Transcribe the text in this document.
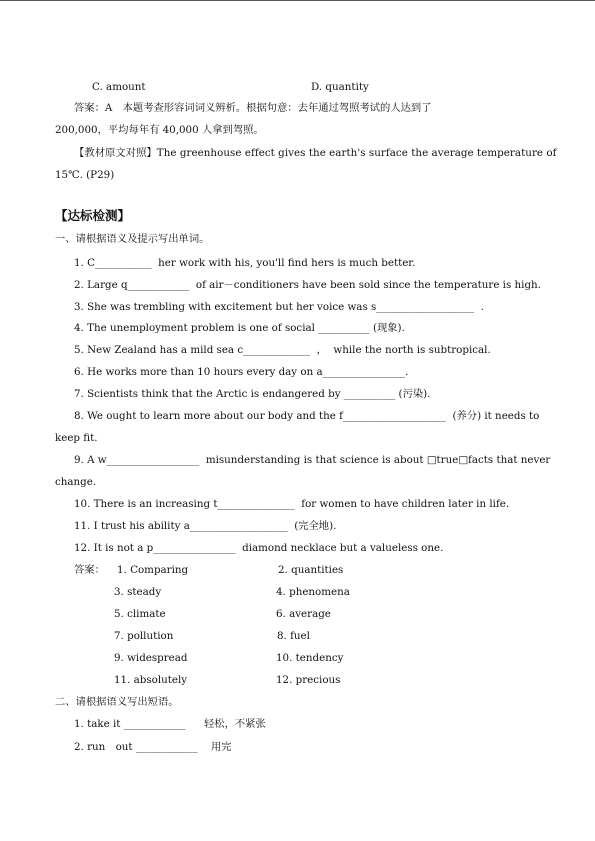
C. amount	D. quantity
答案：A　本题考查形容词词义辨析。根据句意：去年通过驾照考试的人达到了
200,000，平均每年有 40,000 人拿到驾照。
【教材原文对照】The greenhouse effect gives the earth's surface the average temperature of
15℃. (P29)
【达标检测】
一、请根据语义及提示写出单词。
1. C___________  her work with his, you'll find hers is much better.
2. Large q____________  of air－conditioners have been sold since the temperature is high.
3. She was trembling with excitement but her voice was s___________________  .
4. The unemployment problem is one of social __________ (现象).
5. New Zealand has a mild sea c_____________  ，  while the north is subtropical.
6. He works more than 10 hours every day on a________________.
7. Scientists think that the Arctic is endangered by __________ (污染).
8. We ought to learn more about our body and the f____________________  (养分) it needs to
keep fit.
9. A w__________________  misunderstanding is that science is about □true□facts that never
change.
10. There is an increasing t_______________  for women to have children later in life.
11. I trust his ability a___________________  (完全地).
12. It is not a p________________  diamond necklace but a valueless one.
答案： 1. Comparing	2. quantities
3. steady	4. phenomena
5. climate	6. average
7. pollution	8. fuel
9. widespread	10. tendency
11. absolutely	12. precious
二、请根据语义写出短语。
1. take it ____________ 轻松，不紧张
2. run　out ____________ 用完
